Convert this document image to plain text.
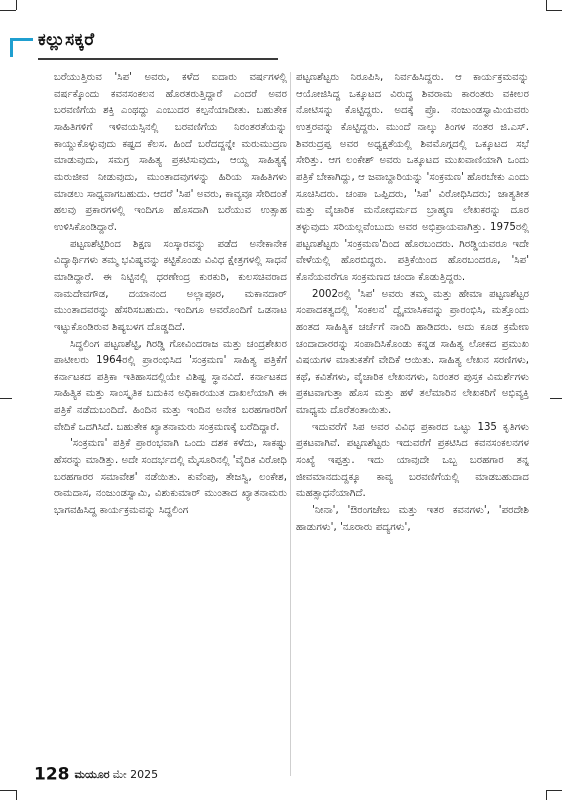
ಕಲ್ಲುಸಕ್ಕರೆ

ಬರೆಯುತ್ತಿರುವ 'ಸಿಪ' ಅವರು, ಕಳೆದ ಐದಾರು ವರ್ಷಗಳಲ್ಲಿ ವರ್ಷಕ್ಕೊಂದು ಕವನಸಂಕಲನ ಹೊರತರುತ್ತಿದ್ದಾರೆ ಎಂದರೆ ಅವರ ಬರವಣಿಗೆಯ ಶಕ್ತಿ ಎಂಥದ್ದು ಎಂಬುದರ ಕಲ್ಪನೆಯಾದೀತು. ಬಹುತೇಕ ಸಾಹಿತಿಗಳಿಗೆ ಇಳಿವಯಸ್ಸಿನಲ್ಲಿ ಬರವಣಿಗೆಯ ನಿರಂತರತೆಯನ್ನು ಕಾಯ್ದುಕೊಳ್ಳುವುದು ಕಷ್ಟದ ಕೆಲಸ. ಹಿಂದೆ ಬರೆದದ್ದನ್ನೇ ಮರುಮುದ್ರಣ ಮಾಡುವುದು, ಸಮಗ್ರ ಸಾಹಿತ್ಯ ಪ್ರಕಟಿಸುವುದು, ಆಯ್ದ ಸಾಹಿತ್ಯಕ್ಕೆ ಮರುಜೀವ ನೀಡುವುದು, ಮುಂತಾದವುಗಳನ್ನು ಹಿರಿಯ ಸಾಹಿತಿಗಳು ಮಾಡಲು ಸಾಧ್ಯವಾಗಬಹುದು. ಆದರೆ 'ಸಿಪ' ಅವರು, ಕಾವ್ಯವೂ ಸೇರಿದಂತೆ ಹಲವು ಪ್ರಕಾರಗಳಲ್ಲಿ ಇಂದಿಗೂ ಹೊಸದಾಗಿ ಬರೆಯುವ ಉತ್ಸಾಹ ಉಳಿಸಿಕೊಂಡಿದ್ದಾರೆ.

ಪಟ್ಟಣಶೆಟ್ಟಿರಿಂದ ಶಿಕ್ಷಣ ಸಂಸ್ಕಾರವನ್ನು ಪಡೆದ ಅನೇಕಾನೇಕ ವಿದ್ಯಾರ್ಥಿಗಳು ತಮ್ಮ ಭವಿಷ್ಯವನ್ನು ಕಟ್ಟಿಕೊಂಡು ವಿವಿಧ ಕ್ಷೇತ್ರಗಳಲ್ಲಿ ಸಾಧನೆ ಮಾಡಿದ್ದಾರೆ. ಈ ನಿಟ್ಟಿನಲ್ಲಿ ಧರಣೇಂದ್ರ ಕುರಕುರಿ, ಕುಲಸಚಿವರಾದ ನಾಮದೇವಗೌಡ, ದಯಾನಂದ ಅಲ್ಲಾಪೂರ, ಮಕಾನದಾರ್ ಮುಂತಾದವರನ್ನು ಹೆಸರಿಸಬಹುದು. ಇಂದಿಗೂ ಅವರೊಂದಿಗೆ ಒಡನಾಟ ಇಟ್ಟುಕೊಂಡಿರುವ ಶಿಷ್ಯಬಳಗ ದೊಡ್ಡದಿದೆ.

ಸಿದ್ಧಲಿಂಗ ಪಟ್ಟಣಶೆಟ್ಟಿ, ಗಿರಡ್ಡಿ ಗೋವಿಂದರಾಜ ಮತ್ತು ಚಂದ್ರಶೇಖರ ಪಾಟೀಲರು 1964ರಲ್ಲಿ ಪ್ರಾರಂಭಿಸಿದ 'ಸಂಕ್ರಮಣ' ಸಾಹಿತ್ಯ ಪತ್ರಿಕೆಗೆ ಕರ್ನಾಟಕದ ಪತ್ರಿಕಾ ಇತಿಹಾಸದಲ್ಲಿಯೇ ವಿಶಿಷ್ಟ ಸ್ಥಾನವಿದೆ. ಕರ್ನಾಟಕದ ಸಾಹಿತ್ಯಿಕ ಮತ್ತು ಸಾಂಸ್ಕೃತಿಕ ಬದುಕಿನ ಅಧಿಕಾರಯುತ ದಾಖಲೆಯಾಗಿ ಈ ಪತ್ರಿಕೆ ನಡೆದುಬಂದಿದೆ. ಹಿಂದಿನ ಮತ್ತು ಇಂದಿನ ಅನೇಕ ಬರಹಗಾರರಿಗೆ ವೇದಿಕೆ ಒದಗಿಸಿದೆ. ಬಹುತೇಕ ಖ್ಯಾತನಾಮರು ಸಂಕ್ರಮಣಕ್ಕೆ ಬರೆದಿದ್ದಾರೆ.

'ಸಂಕ್ರಮಣ' ಪತ್ರಿಕೆ ಪ್ರಾರಂಭವಾಗಿ ಒಂದು ದಶಕ ಕಳೆದು, ಸಾಕಷ್ಟು ಹೆಸರನ್ನು ಮಾಡಿತ್ತು. ಅದೇ ಸಂದರ್ಭದಲ್ಲಿ ಮೈಸೂರಿನಲ್ಲಿ 'ವೈದಿಕ ವಿರೋಧಿ ಬರಹಗಾರರ ಸಮಾವೇಶ' ನಡೆಯಿತು. ಕುವೆಂಪು, ತೇಜಸ್ವಿ, ಲಂಕೇಶ, ರಾಮದಾಸ, ನಂಜುಂಡಸ್ವಾಮಿ, ವಿಶುಕುಮಾರ್ ಮುಂತಾದ ಖ್ಯಾತನಾಮರು ಭಾಗವಹಿಸಿದ್ದ ಕಾರ್ಯಕ್ರಮವನ್ನು ಸಿದ್ಧಲಿಂಗ

ಪಟ್ಟಣಶೆಟ್ಟರು ನಿರೂಪಿಸಿ, ನಿರ್ವಹಿಸಿದ್ದರು. ಆ ಕಾರ್ಯಕ್ರಮವನ್ನು ಆಯೋಜಿಸಿದ್ದ ಒಕ್ಕೂಟದ ವಿರುದ್ಧ ಶಿವರಾಮ ಕಾರಂತರು ವಕೀಲರ ನೋಟಿಸನ್ನು ಕೊಟ್ಟಿದ್ದರು. ಅದಕ್ಕೆ ಪ್ರೊ. ನಂಜುಂಡಸ್ವಾಮಿಯವರು ಉತ್ತರವನ್ನು ಕೊಟ್ಟಿದ್ದರು. ಮುಂದೆ ನಾಲ್ಕು ತಿಂಗಳ ನಂತರ ಜಿ.ಎಸ್. ಶಿವರುದ್ರಪ್ಪ ಅವರ ಅಧ್ಯಕ್ಷತೆಯಲ್ಲಿ ಶಿವಮೊಗ್ಗದಲ್ಲಿ ಒಕ್ಕೂಟದ ಸಭೆ ಸೇರಿತ್ತು. ಆಗ ಲಂಕೇಶ್ ಅವರು ಒಕ್ಕೂಟದ ಮುಖವಾಣಿಯಾಗಿ ಒಂದು ಪತ್ರಿಕೆ ಬೇಕಾಗಿದ್ದು, ಆ ಜವಾಬ್ದಾರಿಯನ್ನು 'ಸಂಕ್ರಮಣ' ಹೊರಬೇಕು ಎಂದು ಸೂಚಿಸಿದರು. ಚಂಪಾ ಒಪ್ಪಿದರು, 'ಸಿಪ' ವಿರೋಧಿಸಿದರು; ಜಾತ್ಯತೀತ ಮತ್ತು ವೈಚಾರಿಕ ಮನೋಧರ್ಮದ ಬ್ರಾಹ್ಮಣ ಲೇಖಕರನ್ನು ದೂರ ತಳ್ಳುವುದು ಸರಿಯಲ್ಲವೆಂಬುದು ಅವರ ಅಭಿಪ್ರಾಯವಾಗಿತ್ತು. 1975ರಲ್ಲಿ ಪಟ್ಟಣಶೆಟ್ಟರು 'ಸಂಕ್ರಮಣ'ದಿಂದ ಹೊರಬಂದರು. ಗಿರಡ್ಡಿಯವರೂ ಇದೇ ವೇಳೆಯಲ್ಲಿ ಹೊರಬಿದ್ದರು. ಪತ್ರಿಕೆಯಿಂದ ಹೊರಬಂದರೂ, 'ಸಿಪ' ಕೊನೆಯವರೆಗೂ ಸಂಕ್ರಮಣದ ಚಂದಾ ಕೊಡುತ್ತಿದ್ದರು.

2002ರಲ್ಲಿ 'ಸಿಪ' ಅವರು ತಮ್ಮ ಮತ್ತು ಹೇಮಾ ಪಟ್ಟಣಶೆಟ್ಟರ ಸಂಪಾದಕತ್ವದಲ್ಲಿ 'ಸಂಕಲನ' ದ್ವೈಮಾಸಿಕವನ್ನು ಪ್ರಾರಂಭಿಸಿ, ಮತ್ತೊಂದು ಹಂತದ ಸಾಹಿತ್ಯಿಕ ಚರ್ಚೆಗೆ ನಾಂದಿ ಹಾಡಿದರು. ಅದು ಕೂಡ ಕ್ರಮೇಣ ಚಂದಾದಾರರನ್ನು ಸಂಪಾದಿಸಿಕೊಂಡು ಕನ್ನಡ ಸಾಹಿತ್ಯ ಲೋಕದ ಪ್ರಮುಖ ವಿಷಯಗಳ ಮಾತುಕತೆಗೆ ವೇದಿಕೆ ಆಯಿತು. ಸಾಹಿತ್ಯ ಲೇಖನ ಸರಣಿಗಳು, ಕಥೆ, ಕವಿತೆಗಳು, ವೈಚಾರಿಕ ಲೇಖನಗಳು, ನಿರಂತರ ಪುಸ್ತಕ ವಿಮರ್ಶೆಗಳು ಪ್ರಕಟವಾಗುತ್ತಾ ಹೊಸ ಮತ್ತು ಹಳೆ ತಲೆಮಾರಿನ ಲೇಖಕರಿಗೆ ಅಭಿವ್ಯಕ್ತಿ ಮಾಧ್ಯಮ ದೊರೆತಂತಾಯಿತು.

ಇದುವರೆಗೆ ಸಿಪ ಅವರ ವಿವಿಧ ಪ್ರಕಾರದ ಒಟ್ಟು 135 ಕೃತಿಗಳು ಪ್ರಕಟವಾಗಿವೆ. ಪಟ್ಟಣಶೆಟ್ಟರು ಇದುವರೆಗೆ ಪ್ರಕಟಿಸಿದ ಕವನಸಂಕಲನಗಳ ಸಂಖ್ಯೆ ಇಪ್ಪತ್ತು. ಇದು ಯಾವುದೇ ಒಬ್ಬ ಬರಹಗಾರ ತನ್ನ ಜೀವಮಾನದುದ್ದಕ್ಕೂ ಕಾವ್ಯ ಬರವಣಿಗೆಯಲ್ಲಿ ಮಾಡಬಹುದಾದ ಮಹತ್ಸಾಧನೆಯಾಗಿದೆ.

'ನೀನಾ', 'ಔರಂಗಜೇಬ ಮತ್ತು ಇತರ ಕವನಗಳು', 'ಪರದೇಶಿ ಹಾಡುಗಳು', 'ನೂರಾರು ಪದ್ಯಗಳು',

128 ಮಯೂರ ಮೇ 2025
